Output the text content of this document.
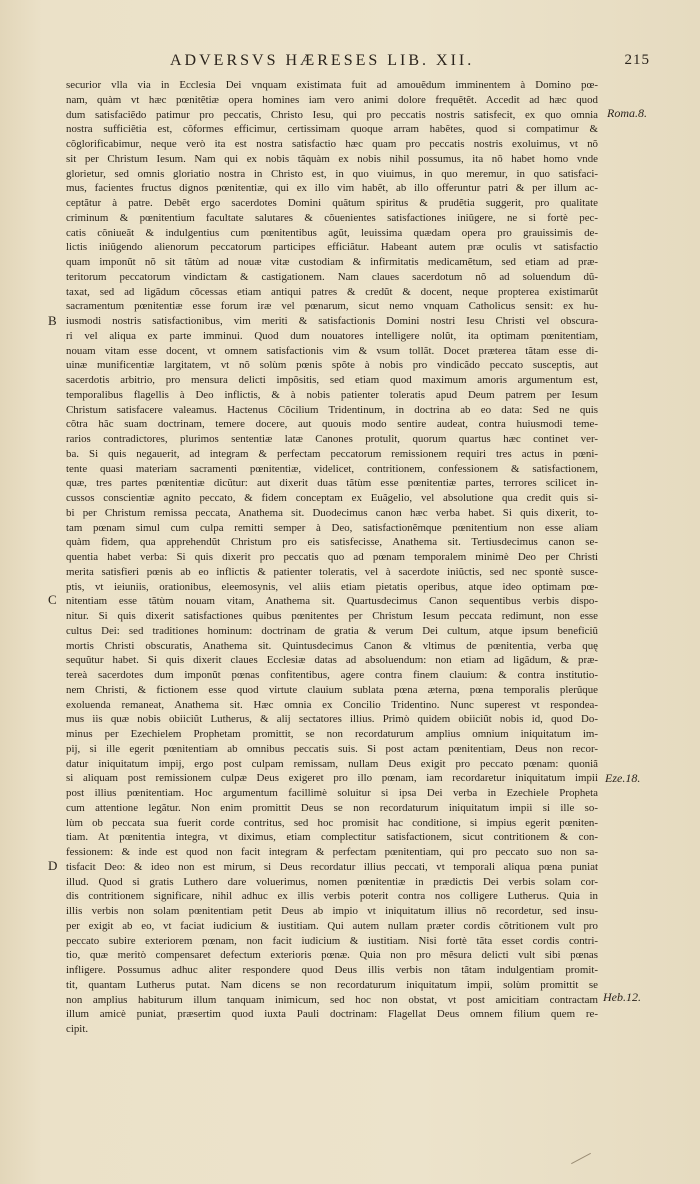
ADVERSVS HÆRESES LIB. XII.	215
securior vlla via in Ecclesia Dei vnquam existimata fuit ad amouẽdum imminentem à Domino pœ-
nam, quàm vt hæc pœnitẽtiæ opera homines iam vero animi dolore frequẽtẽt. Accedit ad hæc quod
dum satisfaciẽdo patimur pro peccatis, Christo Iesu, qui pro peccatis nostris satisfecit, ex quo omnia
nostra sufficiẽtia est, cõformes efficimur, certissimam quoque arram habẽtes, quod si compatimur &
cõglorificabimur, neque verò ita est nostra satisfactio hæc quam pro peccatis nostris exoluimus, vt nõ
sit per Christum Iesum. Nam qui ex nobis tãquàm ex nobis nihil possumus, ita nõ habet homo vnde
glorietur, sed omnis gloriatio nostra in Christo est, in quo viuimus, in quo meremur, in quo satisfaci-
mus, facientes fructus dignos pœnitentiæ, qui ex illo vim habẽt, ab illo offeruntur patri & per illum ac-
ceptãtur à patre. Debẽt ergo sacerdotes Domini quãtum spiritus & prudẽtia suggerit, pro qualitate
criminum & pœnitentium facultate salutares & cõuenientes satisfactiones iniũgere, ne si fortè pec-
catis cõniueãt & indulgentius cum pœnitentibus agũt, leuissima quædam opera pro grauissimis de-
lictis iniũgendo alienorum peccatorum participes efficiãtur. Habeant autem præ oculis vt satisfactio
quam imponũt nõ sit tãtùm ad nouæ vitæ custodiam & infirmitatis medicamẽtum, sed etiam ad præ-
teritorum peccatorum vindictam & castigationem. Nam claues sacerdotum nõ ad soluendum dũ-
taxat, sed ad ligãdum cõcessas etiam antiqui patres & credũt & docent, neque propterea existimarũt
sacramentum pœnitentiæ esse forum iræ vel pœnarum, sicut nemo vnquam Catholicus sensit: ex hu-
iusmodi nostris satisfactionibus, vim meriti & satisfactionis Domini nostri Iesu Christi vel obscura-
ri vel aliqua ex parte imminui. Quod dum nouatores intelligere nolũt, ita optimam pœnitentiam,
nouam vitam esse docent, vt omnem satisfactionis vim & vsum tollãt. Docet præterea tãtam esse di-
uinæ munificentiæ largitatem, vt nõ solùm pœnis spõte à nobis pro vindicãdo peccato susceptis, aut
sacerdotis arbitrio, pro mensura delicti impõsitis, sed etiam quod maximum amoris argumentum est,
temporalibus flagellis à Deo inflictis, & à nobis patienter toleratis apud Deum patrem per Iesum
Christum satisfacere valeamus. Hactenus Cõcilium Tridentinum, in doctrina ab eo data: Sed ne quis
cõtra hãc suam doctrinam, temere docere, aut quouis modo sentire audeat, contra huiusmodi teme-
rarios contradictores, plurimos sententiæ latæ Canones protulit, quorum quartus hæc continet ver-
ba. Si quis negauerit, ad integram & perfectam peccatorum remissionem requiri tres actus in pœni-
tente quasi materiam sacramenti pœnitentiæ, videlicet, contritionem, confessionem & satisfactionem,
quæ, tres partes pœnitentiæ dicũtur: aut dixerit duas tãtùm esse pœnitentiæ partes, terrores scilicet in-
cussos conscientiæ agnito peccato, & fidem conceptam ex Euãgelio, vel absolutione qua credit quis si-
bi per Christum remissa peccata, Anathema sit. Duodecimus canon hæc verba habet. Si quis dixerit, to-
tam pœnam simul cum culpa remitti semper à Deo, satisfactionẽmque pœnitentium non esse aliam
quàm fidem, qua apprehendũt Christum pro eis satisfecisse, Anathema sit. Tertiusdecimus canon se-
quentia habet verba: Si quis dixerit pro peccatis quo ad pœnam temporalem minimè Deo per Christi
merita satisfieri pœnis ab eo inflictis & patienter toleratis, vel à sacerdote iniũctis, sed nec spontè susce-
ptis, vt ieiuniis, orationibus, eleemosynis, vel aliis etiam pietatis operibus, atque ideo optimam pœ-
nitentiam esse tãtùm nouam vitam, Anathema sit. Quartusdecimus Canon sequentibus verbis dispo-
nitur. Si quis dixerit satisfactiones quibus pœnitentes per Christum Iesum peccata redimunt, non esse
cultus Dei: sed traditiones hominum: doctrinam de gratia & verum Dei cultum, atque ipsum beneficiũ
mortis Christi obscuratis, Anathema sit. Quintusdecimus Canon & vltimus de pœnitentia, verba quę
sequũtur habet. Si quis dixerit claues Ecclesiæ datas ad absoluendum: non etiam ad ligãdum, & præ-
tereà sacerdotes dum imponũt pœnas confitentibus, agere contra finem clauium: & contra institutio-
nem Christi, & fictionem esse quod virtute clauium sublata pœna æterna, pœna temporalis plerũque
exoluenda remaneat, Anathema sit. Hæc omnia ex Concilio Tridentino. Nunc superest vt respondea-
mus iis quæ nobis obiiciũt Lutherus, & alij sectatores illius. Primò quidem obiiciũt nobis id, quod Do-
minus per Ezechielem Prophetam promittit, se non recordaturum amplius omnium iniquitatum im-
pij, si ille egerit pœnitentiam ab omnibus peccatis suis. Si post actam pœnitentiam, Deus non recor-
datur iniquitatum impij, ergo post culpam remissam, nullam Deus exigit pro peccato pœnam: quoniã
si aliquam post remissionem culpæ Deus exigeret pro illo pœnam, iam recordaretur iniquitatum impii
post illius pœnitentiam. Hoc argumentum facillimè soluitur si ipsa Dei verba in Ezechiele Propheta
cum attentione legãtur. Non enim promittit Deus se non recordaturum iniquitatum impii si ille so-
lùm ob peccata sua fuerit corde contritus, sed hoc promisit hac conditione, si impius egerit pœniten-
tiam. At pœnitentia integra, vt diximus, etiam complectitur satisfactionem, sicut contritionem & con-
fessionem: & inde est quod non facit integram & perfectam pœnitentiam, qui pro peccato suo non sa-
tisfacit Deo: & ideo non est mirum, si Deus recordatur illius peccati, vt temporali aliqua pœna puniat
illud. Quod si gratis Luthero dare voluerimus, nomen pœnitentiæ in prædictis Dei verbis solam cor-
dis contritionem significare, nihil adhuc ex illis verbis poterit contra nos colligere Lutherus. Quia in
illis verbis non solam pœnitentiam petit Deus ab impio vt iniquitatum illius nõ recordetur, sed insu-
per exigit ab eo, vt faciat iudicium & iustitiam. Qui autem nullam præter cordis cõtritionem vult pro
peccato subire exteriorem pœnam, non facit iudicium & iustitiam. Nisi fortè tãta esset cordis contri-
tio, quæ meritò compensaret defectum exterioris pœnæ. Quia non pro mẽsura delicti vult sibi pœnas
infligere. Possumus adhuc aliter respondere quod Deus illis verbis non tãtam indulgentiam promit-
tit, quantam Lutherus putat. Nam dicens se non recordaturum iniquitatum impii, solùm promittit se
non amplius habiturum illum tanquam inimicum, sed hoc non obstat, vt post amicitiam contractam
illum amicè puniat, præsertim quod iuxta Pauli doctrinam: Flagellat Deus omnem filium quem re-
cipit.
Roma.8.
Eze.18.
Heb.12.
B
C
D
